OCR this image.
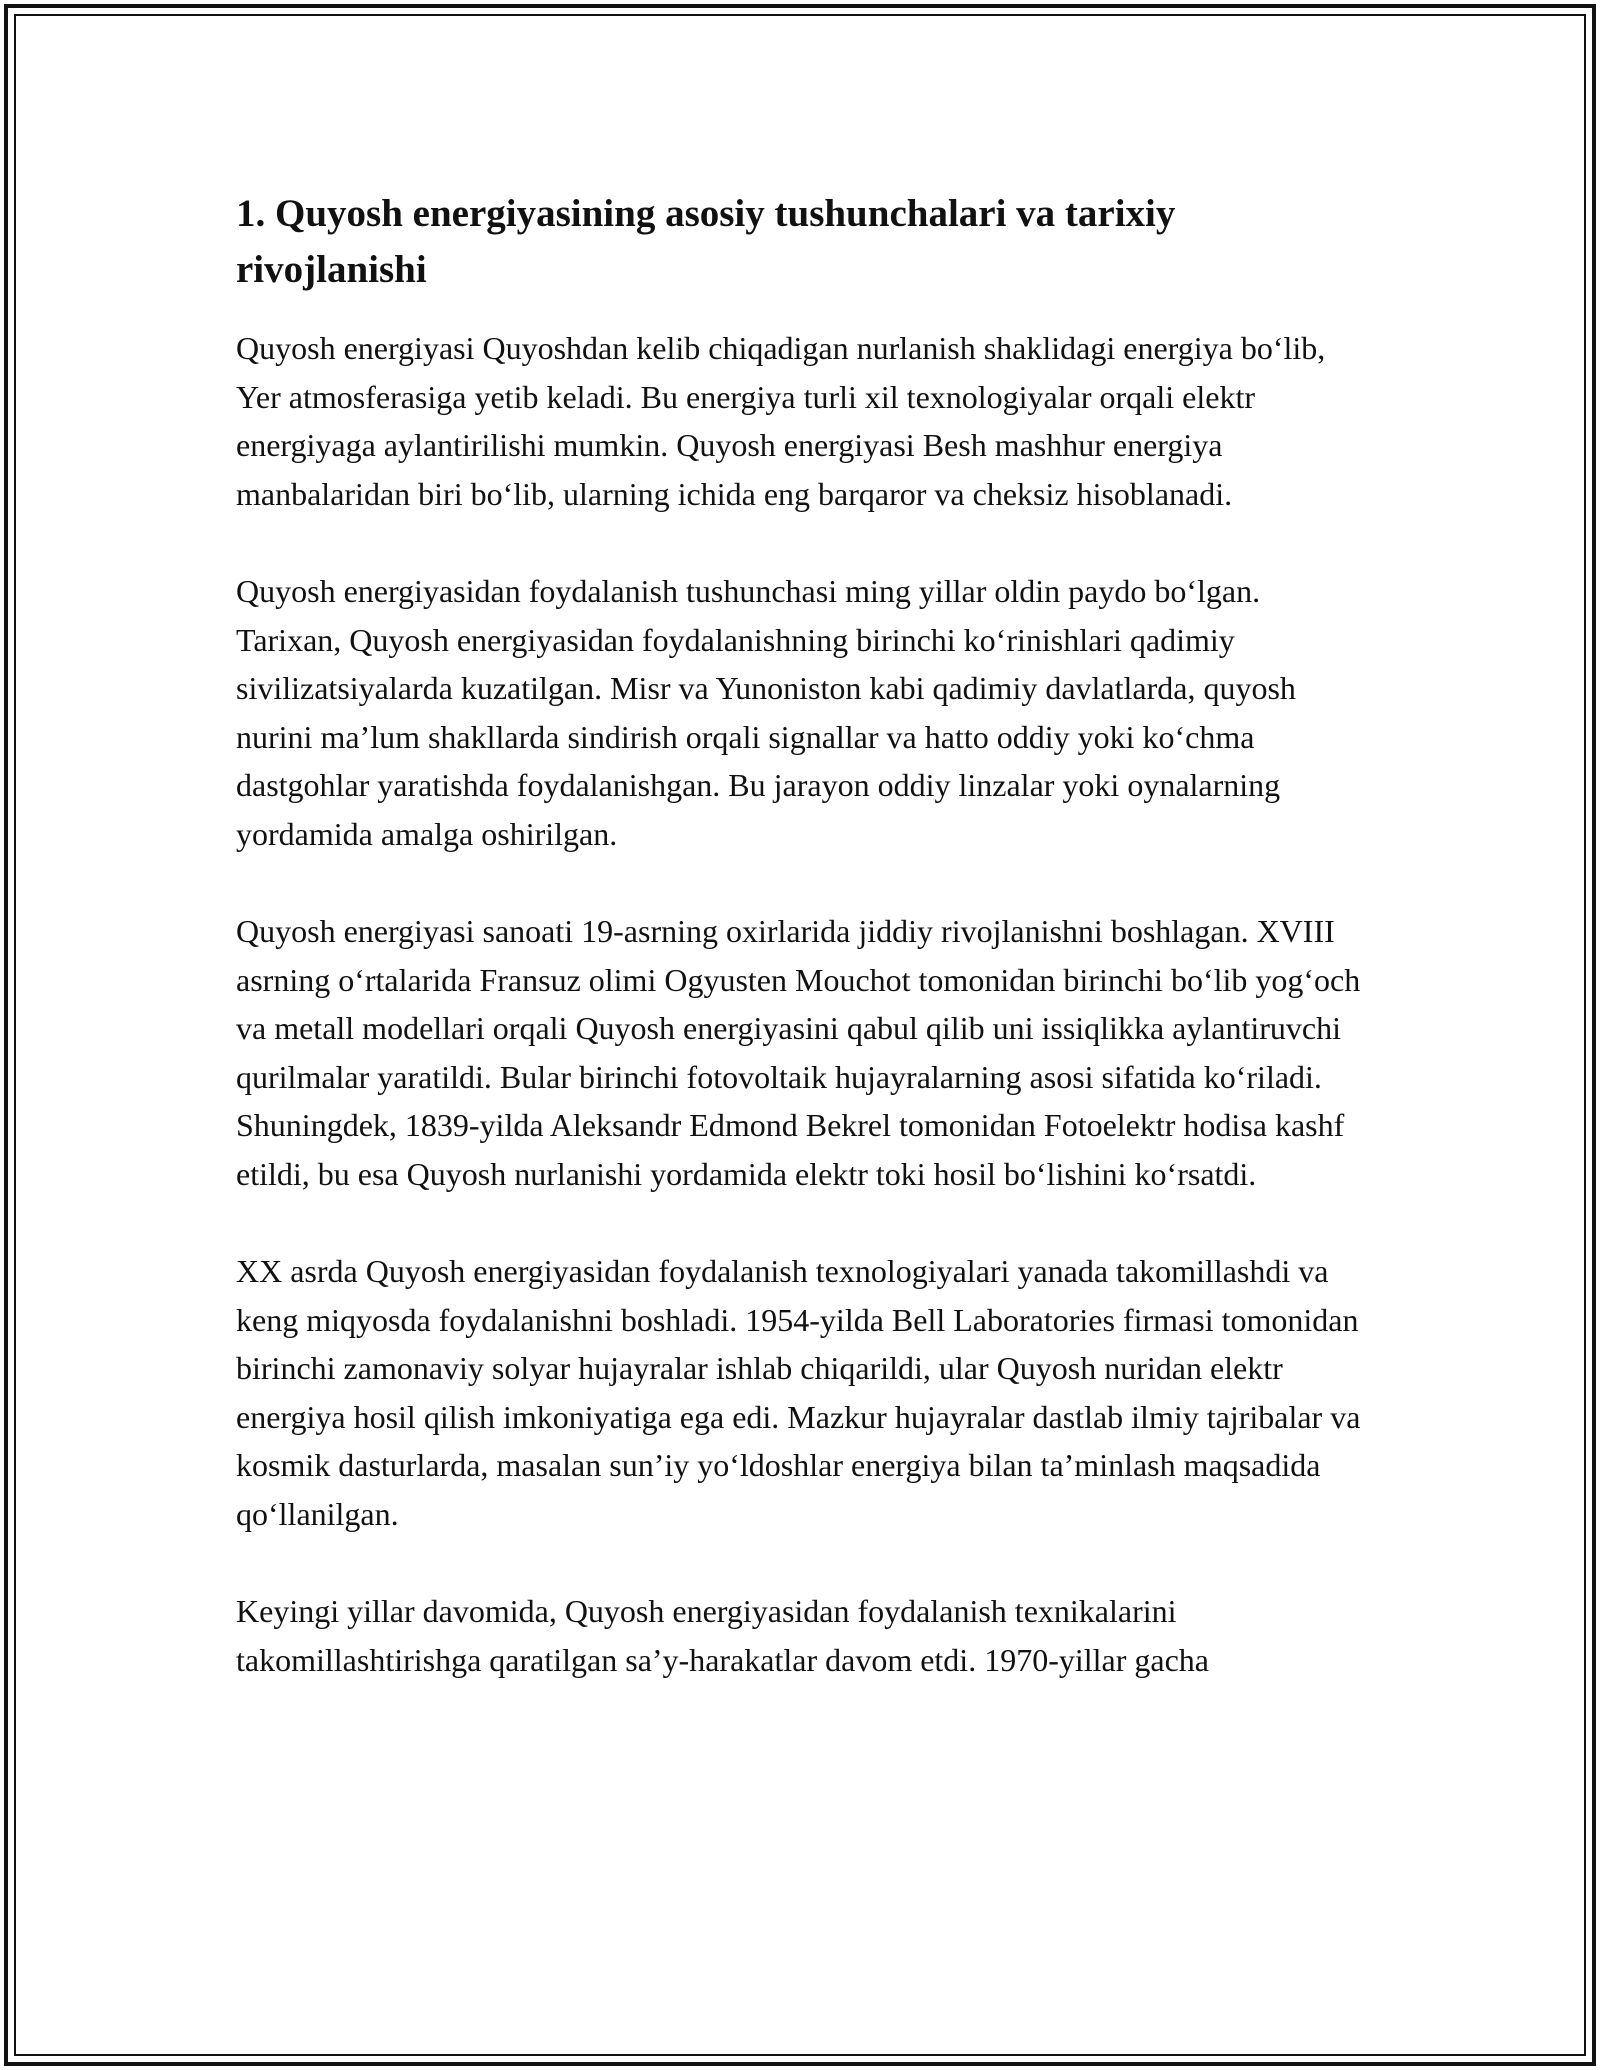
1. Quyosh energiyasining asosiy tushunchalari va tarixiy rivojlanishi

Quyosh energiyasi Quyoshdan kelib chiqadigan nurlanish shaklidagi energiya bo‘lib, Yer atmosferasiga yetib keladi. Bu energiya turli xil texnologiyalar orqali elektr energiyaga aylantirilishi mumkin. Quyosh energiyasi Besh mashhur energiya manbalaridan biri bo‘lib, ularning ichida eng barqaror va cheksiz hisoblanadi.

Quyosh energiyasidan foydalanish tushunchasi ming yillar oldin paydo bo‘lgan. Tarixan, Quyosh energiyasidan foydalanishning birinchi ko‘rinishlari qadimiy sivilizatsiyalarda kuzatilgan. Misr va Yunoniston kabi qadimiy davlatlarda, quyosh nurini ma’lum shakllarda sindirish orqali signallar va hatto oddiy yoki ko‘chma dastgohlar yaratishda foydalanishgan. Bu jarayon oddiy linzalar yoki oynalarning yordamida amalga oshirilgan.

Quyosh energiyasi sanoati 19-asrning oxirlarida jiddiy rivojlanishni boshlagan. XVIII asrning o‘rtalarida Fransuz olimi Ogyusten Mouchot tomonidan birinchi bo‘lib yog‘och va metall modellari orqali Quyosh energiyasini qabul qilib uni issiqlikka aylantiruvchi qurilmalar yaratildi. Bular birinchi fotovoltaik hujayralarning asosi sifatida ko‘riladi. Shuningdek, 1839-yilda Aleksandr Edmond Bekrel tomonidan Fotoelektr hodisa kashf etildi, bu esa Quyosh nurlanishi yordamida elektr toki hosil bo‘lishini ko‘rsatdi.

XX asrda Quyosh energiyasidan foydalanish texnologiyalari yanada takomillashdi va keng miqyosda foydalanishni boshladi. 1954-yilda Bell Laboratories firmasi tomonidan birinchi zamonaviy solyar hujayralar ishlab chiqarildi, ular Quyosh nuridan elektr energiya hosil qilish imkoniyatiga ega edi. Mazkur hujayralar dastlab ilmiy tajribalar va kosmik dasturlarda, masalan sun’iy yo‘ldoshlar energiya bilan ta’minlash maqsadida qo‘llanilgan.

Keyingi yillar davomida, Quyosh energiyasidan foydalanish texnikalarini takomillashtirishga qaratilgan sa’y-harakatlar davom etdi. 1970-yillar gacha
